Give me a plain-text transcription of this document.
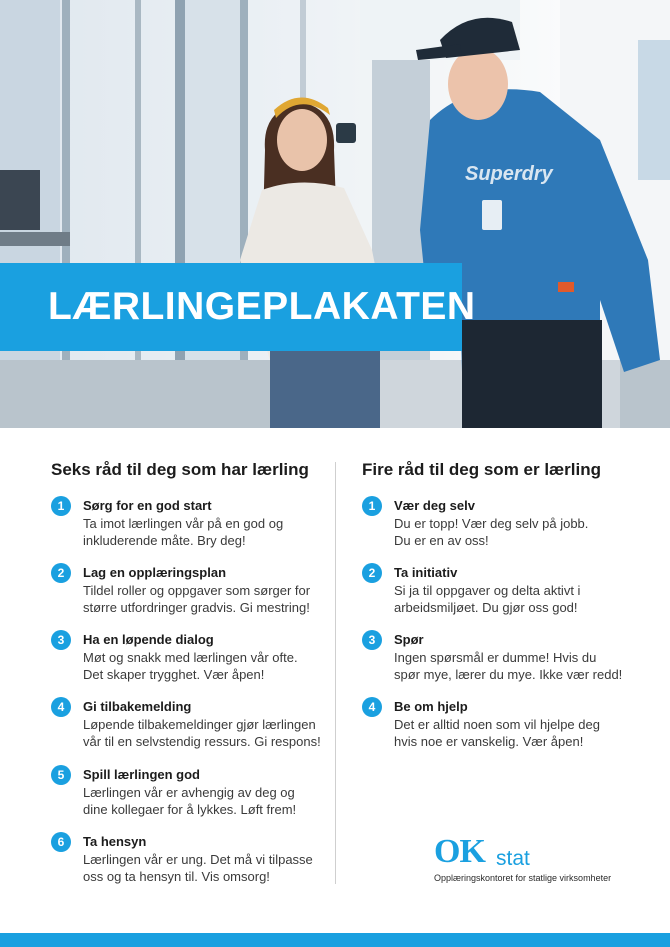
Superdry
LÆRLINGEPLAKATEN
Seks råd til deg som har lærling
1	Sørg for en god start
Ta imot lærlingen vår på en god og
inkluderende måte. Bry deg!
2	Lag en opplæringsplan
Tildel roller og oppgaver som sørger for
større utfordringer gradvis. Gi mestring!
3	Ha en løpende dialog
Møt og snakk med lærlingen vår ofte.
Det skaper trygghet. Vær åpen!
4	Gi tilbakemelding
Løpende tilbakemeldinger gjør lærlingen
vår til en selvstendig ressurs. Gi respons!
5	Spill lærlingen god
Lærlingen vår er avhengig av deg og
dine kollegaer for å lykkes. Løft frem!
6	Ta hensyn
Lærlingen vår er ung. Det må vi tilpasse
oss og ta hensyn til. Vis omsorg!
Fire råd til deg som er lærling
1	Vær deg selv
Du er topp! Vær deg selv på jobb.
Du er en av oss!
2	Ta initiativ
Si ja til oppgaver og delta aktivt i
arbeidsmiljøet. Du gjør oss god!
3	Spør
Ingen spørsmål er dumme! Hvis du
spør mye, lærer du mye. Ikke vær redd!
4	Be om hjelp
Det er alltid noen som vil hjelpe deg
hvis noe er vanskelig. Vær åpen!
OK stat
Opplæringskontoret for statlige virksomheter
